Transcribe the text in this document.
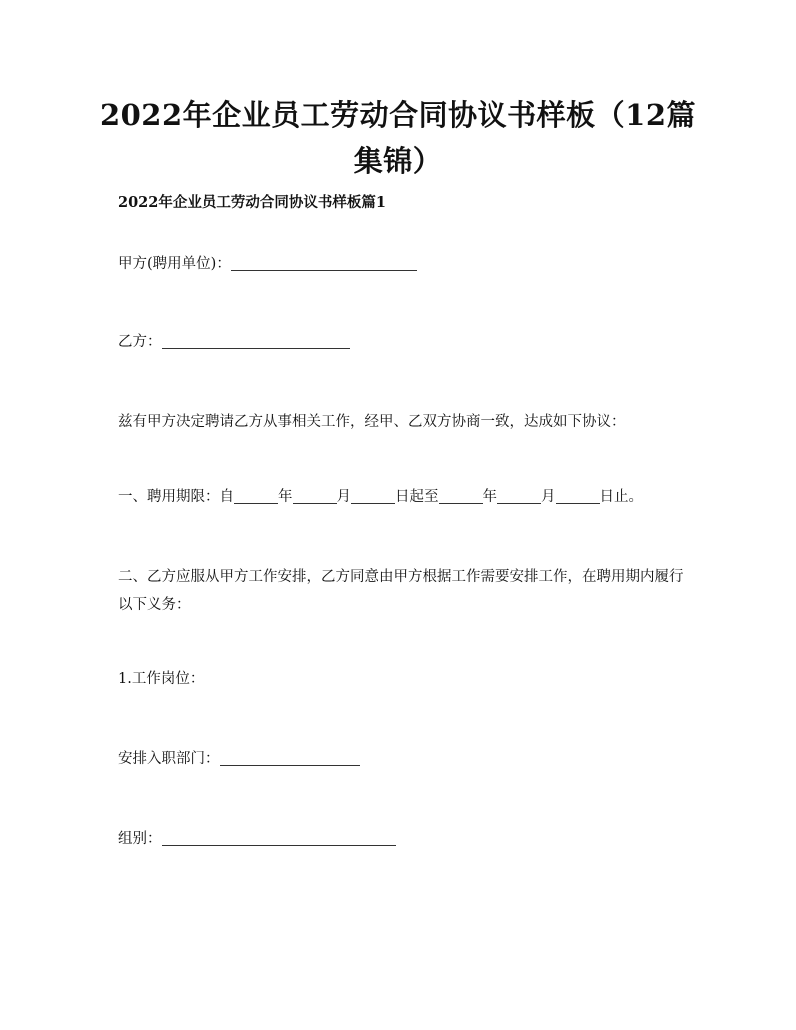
2022年企业员工劳动合同协议书样板（12篇集锦）
2022年企业员工劳动合同协议书样板篇1

甲方(聘用单位)：

乙方：

兹有甲方决定聘请乙方从事相关工作，经甲、乙双方协商一致，达成如下协议：

一、聘用期限：自	年	月	日起至	年	月	日止。

二、乙方应服从甲方工作安排，乙方同意由甲方根据工作需要安排工作，在聘用期内履行以下义务：

1.工作岗位：

安排入职部门：

组别：
